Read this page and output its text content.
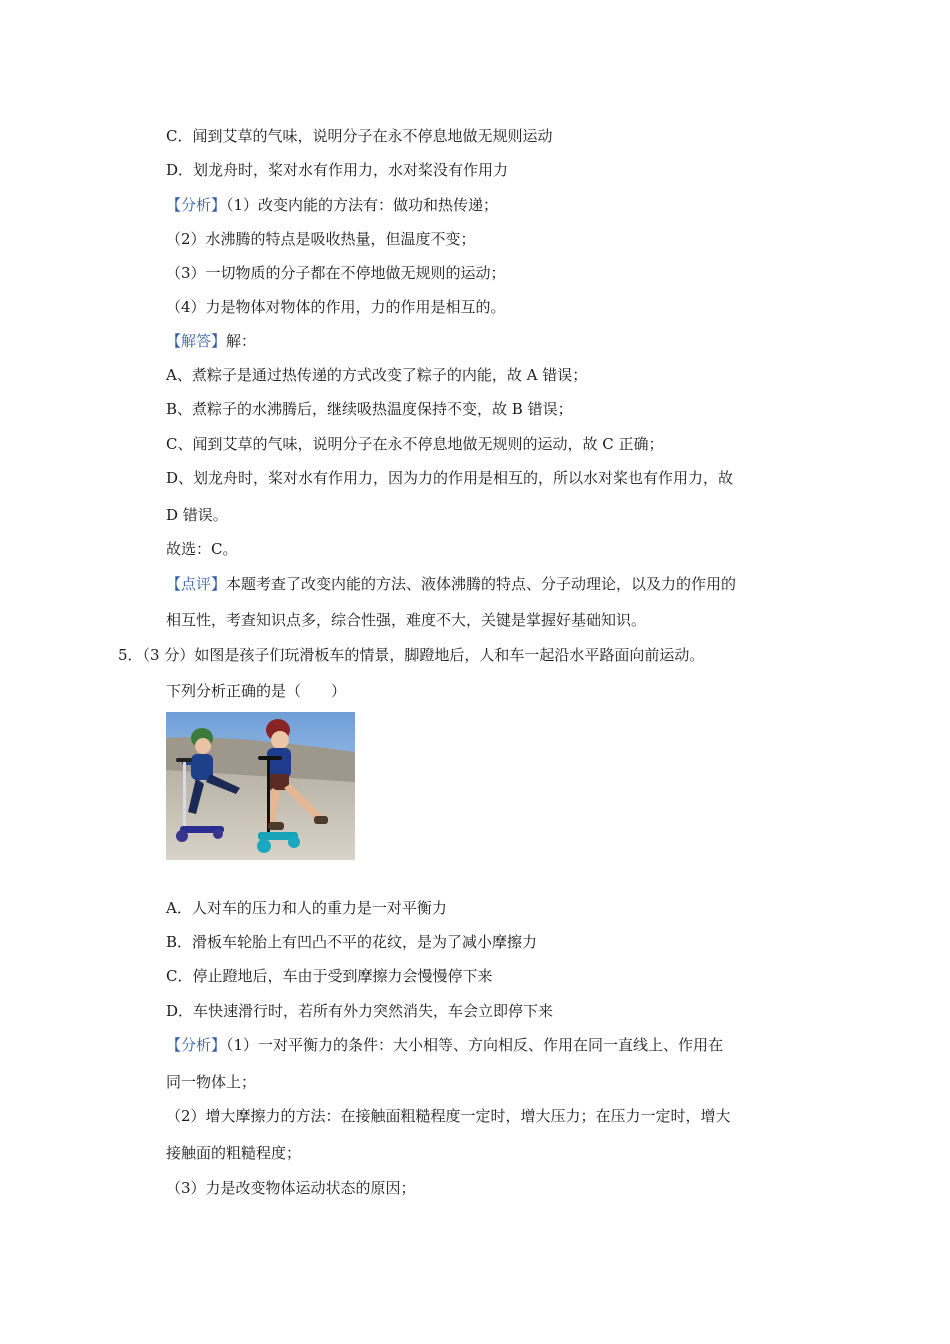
C．闻到艾草的气味，说明分子在永不停息地做无规则运动
D．划龙舟时，桨对水有作用力，水对桨没有作用力
【分析】（1）改变内能的方法有：做功和热传递；
（2）水沸腾的特点是吸收热量，但温度不变；
（3）一切物质的分子都在不停地做无规则的运动；
（4）力是物体对物体的作用，力的作用是相互的。
【解答】解：
A、煮粽子是通过热传递的方式改变了粽子的内能，故 A 错误；
B、煮粽子的水沸腾后，继续吸热温度保持不变，故 B 错误；
C、闻到艾草的气味，说明分子在永不停息地做无规则的运动，故 C 正确；
D、划龙舟时，桨对水有作用力，因为力的作用是相互的，所以水对桨也有作用力，故
D 错误。
故选：C。
【点评】本题考查了改变内能的方法、液体沸腾的特点、分子动理论，以及力的作用的
相互性，考查知识点多，综合性强，难度不大，关键是掌握好基础知识。
5．（3 分）如图是孩子们玩滑板车的情景，脚蹬地后，人和车一起沿水平路面向前运动。
下列分析正确的是（　　）
A．人对车的压力和人的重力是一对平衡力
B．滑板车轮胎上有凹凸不平的花纹，是为了减小摩擦力
C．停止蹬地后，车由于受到摩擦力会慢慢停下来
D．车快速滑行时，若所有外力突然消失，车会立即停下来
【分析】（1）一对平衡力的条件：大小相等、方向相反、作用在同一直线上、作用在
同一物体上；
（2）增大摩擦力的方法：在接触面粗糙程度一定时，增大压力；在压力一定时，增大
接触面的粗糙程度；
（3）力是改变物体运动状态的原因；
